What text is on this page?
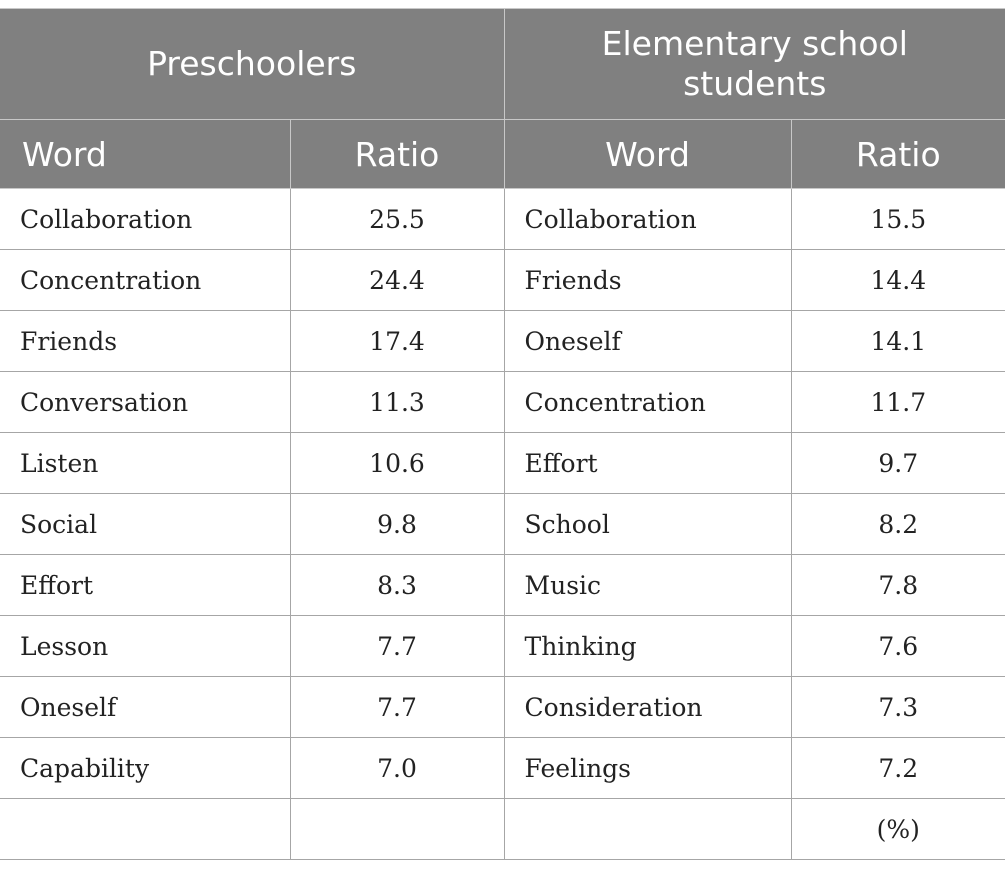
Preschoolers		Elementary school students	
Word	Ratio	Word	Ratio
Collaboration	25.5	Collaboration	15.5
Concentration	24.4	Friends	14.4
Friends	17.4	Oneself	14.1
Conversation	11.3	Concentration	11.7
Listen	10.6	Effort	9.7
Social	9.8	School	8.2
Effort	8.3	Music	7.8
Lesson	7.7	Thinking	7.6
Oneself	7.7	Consideration	7.3
Capability	7.0	Feelings	7.2
			(%)
